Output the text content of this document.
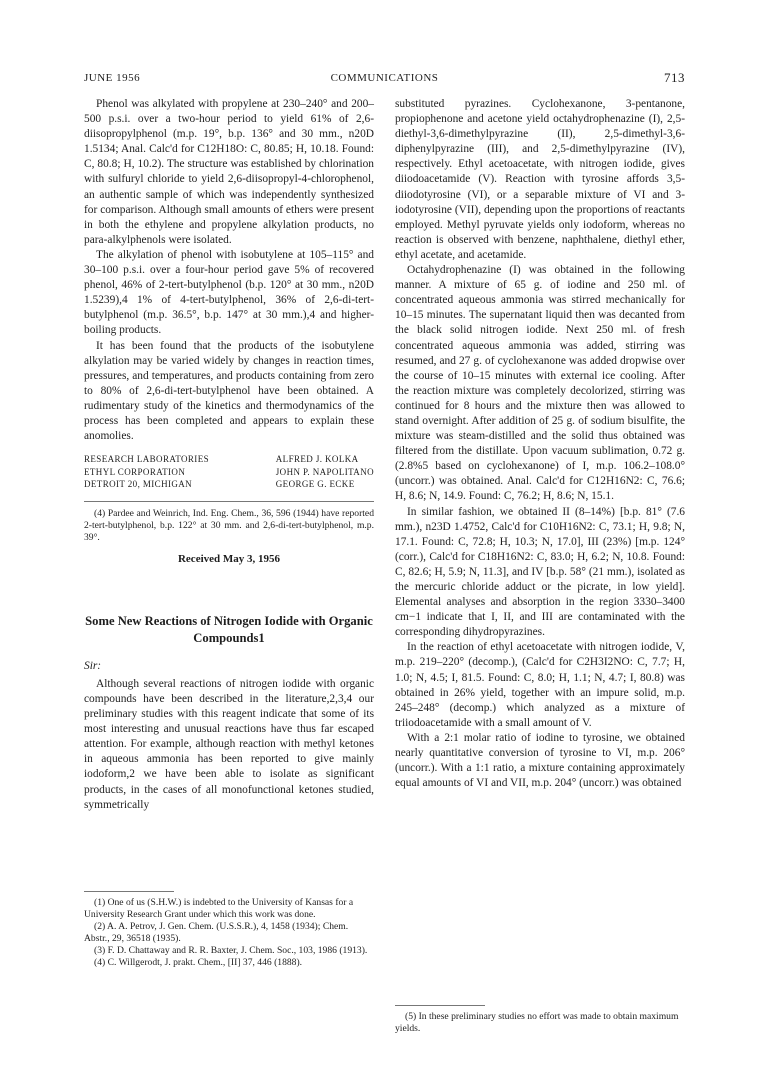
JUNE 1956	COMMUNICATIONS	713

Phenol was alkylated with propylene at 230–240° and 200–500 p.s.i. over a two-hour period to yield 61% of 2,6-diisopropylphenol (m.p. 19°, b.p. 136° and 30 mm., n20D 1.5134; Anal. Calc'd for C12H18O: C, 80.85; H, 10.18. Found: C, 80.8; H, 10.2). The structure was established by chlorination with sulfuryl chloride to yield 2,6-diisopropyl-4-chlorophenol, an authentic sample of which was independently synthesized for comparison. Although small amounts of ethers were present in both the ethylene and propylene alkylation products, no para-alkylphenols were isolated.

The alkylation of phenol with isobutylene at 105–115° and 30–100 p.s.i. over a four-hour period gave 5% of recovered phenol, 46% of 2-tert-butylphenol (b.p. 120° at 30 mm., n20D 1.5239),4 1% of 4-tert-butylphenol, 36% of 2,6-di-tert-butylphenol (m.p. 36.5°, b.p. 147° at 30 mm.),4 and higher-boiling products.

It has been found that the products of the isobutylene alkylation may be varied widely by changes in reaction times, pressures, and temperatures, and products containing from zero to 80% of 2,6-di-tert-butylphenol have been obtained. A rudimentary study of the kinetics and thermodynamics of the process has been completed and appears to explain these anomolies.

RESEARCH LABORATORIES
ETHYL CORPORATION
DETROIT 20, MICHIGAN
ALFRED J. KOLKA
JOHN P. NAPOLITANO
GEORGE G. ECKE
(4) Pardee and Weinrich, Ind. Eng. Chem., 36, 596 (1944) have reported 2-tert-butylphenol, b.p. 122° at 30 mm. and 2,6-di-tert-butylphenol, m.p. 39°.
Received May 3, 1956
Some New Reactions of Nitrogen Iodide with Organic Compounds1
Sir:

Although several reactions of nitrogen iodide with organic compounds have been described in the literature,2,3,4 our preliminary studies with this reagent indicate that some of its most interesting and unusual reactions have thus far escaped attention. For example, although reaction with methyl ketones in aqueous ammonia has been reported to give mainly iodoform,2 we have been able to isolate as significant products, in the cases of all monofunctional ketones studied, symmetrically

(1) One of us (S.H.W.) is indebted to the University of Kansas for a University Research Grant under which this work was done.
(2) A. A. Petrov, J. Gen. Chem. (U.S.S.R.), 4, 1458 (1934); Chem. Abstr., 29, 36518 (1935).
(3) F. D. Chattaway and R. R. Baxter, J. Chem. Soc., 103, 1986 (1913).
(4) C. Willgerodt, J. prakt. Chem., [II] 37, 446 (1888).

substituted pyrazines. Cyclohexanone, 3-pentanone, propiophenone and acetone yield octahydrophenazine (I), 2,5-diethyl-3,6-dimethylpyrazine (II), 2,5-dimethyl-3,6-diphenylpyrazine (III), and 2,5-dimethylpyrazine (IV), respectively. Ethyl acetoacetate, with nitrogen iodide, gives diiodoacetamide (V). Reaction with tyrosine affords 3,5-diiodotyrosine (VI), or a separable mixture of VI and 3-iodotyrosine (VII), depending upon the proportions of reactants employed. Methyl pyruvate yields only iodoform, whereas no reaction is observed with benzene, naphthalene, diethyl ether, ethyl acetate, and acetamide.

Octahydrophenazine (I) was obtained in the following manner. A mixture of 65 g. of iodine and 250 ml. of concentrated aqueous ammonia was stirred mechanically for 10–15 minutes. The supernatant liquid then was decanted from the black solid nitrogen iodide. Next 250 ml. of fresh concentrated aqueous ammonia was added, stirring was resumed, and 27 g. of cyclohexanone was added dropwise over the course of 10–15 minutes with external ice cooling. After the reaction mixture was completely decolorized, stirring was continued for 8 hours and the mixture then was allowed to stand overnight. After addition of 25 g. of sodium bisulfite, the mixture was steam-distilled and the solid thus obtained was filtered from the distillate. Upon vacuum sublimation, 0.72 g. (2.8%5 based on cyclohexanone) of I, m.p. 106.2–108.0° (uncorr.) was obtained. Anal. Calc'd for C12H16N2: C, 76.6; H, 8.6; N, 14.9. Found: C, 76.2; H, 8.6; N, 15.1.

In similar fashion, we obtained II (8–14%) [b.p. 81° (7.6 mm.), n23D 1.4752, Calc'd for C10H16N2: C, 73.1; H, 9.8; N, 17.1. Found: C, 72.8; H, 10.3; N, 17.0], III (23%) [m.p. 124° (corr.), Calc'd for C18H16N2: C, 83.0; H, 6.2; N, 10.8. Found: C, 82.6; H, 5.9; N, 11.3], and IV [b.p. 58° (21 mm.), isolated as the mercuric chloride adduct or the picrate, in low yield]. Elemental analyses and absorption in the region 3330–3400 cm−1 indicate that I, II, and III are contaminated with the corresponding dihydropyrazines.

In the reaction of ethyl acetoacetate with nitrogen iodide, V, m.p. 219–220° (decomp.), (Calc'd for C2H3I2NO: C, 7.7; H, 1.0; N, 4.5; I, 81.5. Found: C, 8.0; H, 1.1; N, 4.7; I, 80.8) was obtained in 26% yield, together with an impure solid, m.p. 245–248° (decomp.) which analyzed as a mixture of triiodoacetamide with a small amount of V.

With a 2:1 molar ratio of iodine to tyrosine, we obtained nearly quantitative conversion of tyrosine to VI, m.p. 206° (uncorr.). With a 1:1 ratio, a mixture containing approximately equal amounts of VI and VII, m.p. 204° (uncorr.) was obtained

(5) In these preliminary studies no effort was made to obtain maximum yields.
